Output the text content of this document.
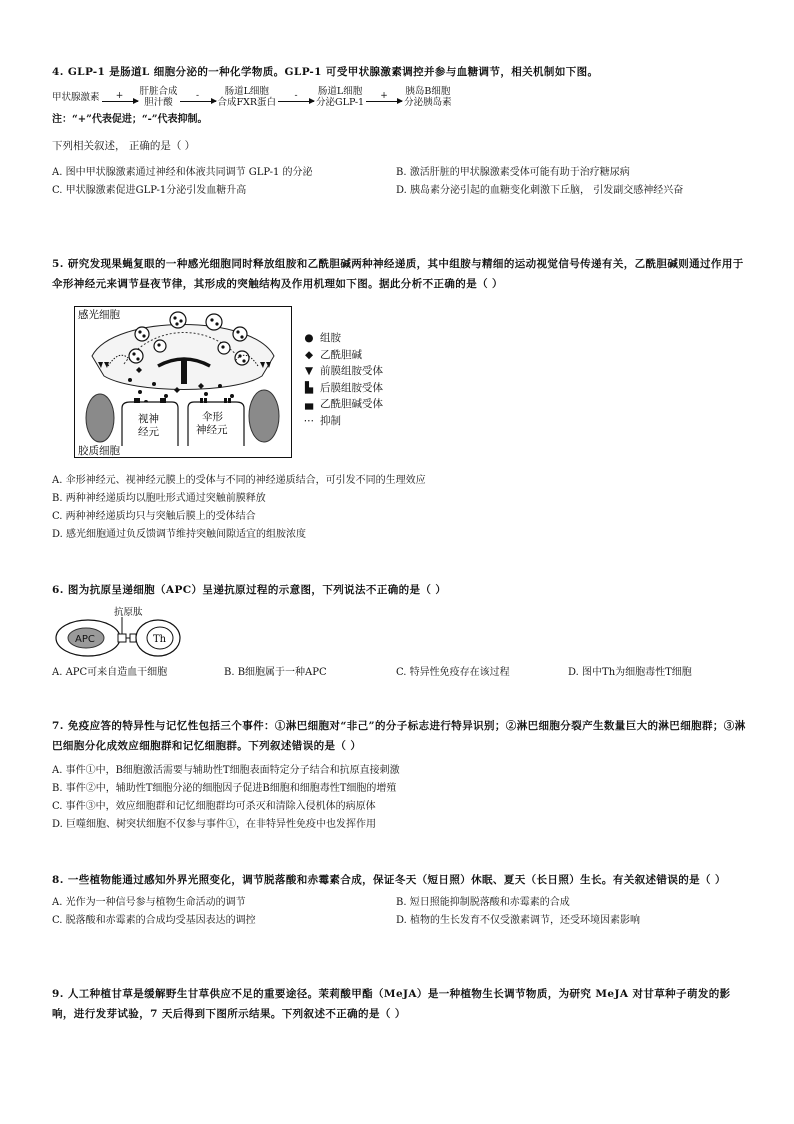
4. GLP-1 是肠道L 细胞分泌的一种化学物质。GLP-1 可受甲状腺激素调控并参与血糖调节，相关机制如下图。
甲状腺激素 + 肝脏合成
胆汁酸
-	肠道L细胞
合成FXR蛋白
- 肠道L细胞
分泌GLP-1
+ 胰岛B细胞
分泌胰岛素
注：“+”代表促进；“-”代表抑制。
下列相关叙述， 正确的是（ ）
A. 图中甲状腺激素通过神经和体液共同调节 GLP-1 的分泌	B. 激活肝脏的甲状腺激素受体可能有助于治疗糖尿病
C. 甲状腺激素促进GLP-1分泌引发血糖升高	D. 胰岛素分泌引起的血糖变化刺激下丘脑， 引发副交感神经兴奋
5. 研究发现果蝇复眼的一种感光细胞同时释放组胺和乙酰胆碱两种神经递质，其中组胺与精细的运动视觉信号传递有关，乙酰胆碱则通过作用于伞形神经元来调节昼夜节律，其形成的突触结构及作用机理如下图。据此分析不正确的是（ ）
感光细胞
胶质细胞
视神
经元
伞形
神经元
● 组胺
◆ 乙酰胆碱
▼ 前膜组胺受体
▙ 后膜组胺受体
▄ 乙酰胆碱受体
⋯ 抑制
A. 伞形神经元、视神经元膜上的受体与不同的神经递质结合，可引发不同的生理效应
B. 两种神经递质均以胞吐形式通过突触前膜释放
C. 两种神经递质均只与突触后膜上的受体结合
D. 感光细胞通过负反馈调节维持突触间隙适宜的组胺浓度
6. 图为抗原呈递细胞（APC）呈递抗原过程的示意图，下列说法不正确的是（ ）
抗原肽
APC	Th
A. APC可来自造血干细胞	B. B细胞属于一种APC	C. 特异性免疫存在该过程	D. 图中Th为细胞毒性T细胞
7. 免疫应答的特异性与记忆性包括三个事件：①淋巴细胞对“非己”的分子标志进行特异识别；②淋巴细胞分裂产生数量巨大的淋巴细胞群；③淋巴细胞分化成效应细胞群和记忆细胞群。下列叙述错误的是（ ）
A. 事件①中，B细胞激活需要与辅助性T细胞表面特定分子结合和抗原直接刺激
B. 事件②中，辅助性T细胞分泌的细胞因子促进B细胞和细胞毒性T细胞的增殖
C. 事件③中，效应细胞群和记忆细胞群均可杀灭和清除入侵机体的病原体
D. 巨噬细胞、树突状细胞不仅参与事件①，在非特异性免疫中也发挥作用
8. 一些植物能通过感知外界光照变化，调节脱落酸和赤霉素合成，保证冬天（短日照）休眠、夏天（长日照）生长。有关叙述错误的是（ ）
A. 光作为一种信号参与植物生命活动的调节	B. 短日照能抑制脱落酸和赤霉素的合成
C. 脱落酸和赤霉素的合成均受基因表达的调控	D. 植物的生长发育不仅受激素调节，还受环境因素影响
9. 人工种植甘草是缓解野生甘草供应不足的重要途径。茉莉酸甲酯（MeJA）是一种植物生长调节物质，为研究 MeJA 对甘草种子萌发的影响，进行发芽试验，7 天后得到下图所示结果。下列叙述不正确的是（ ）
